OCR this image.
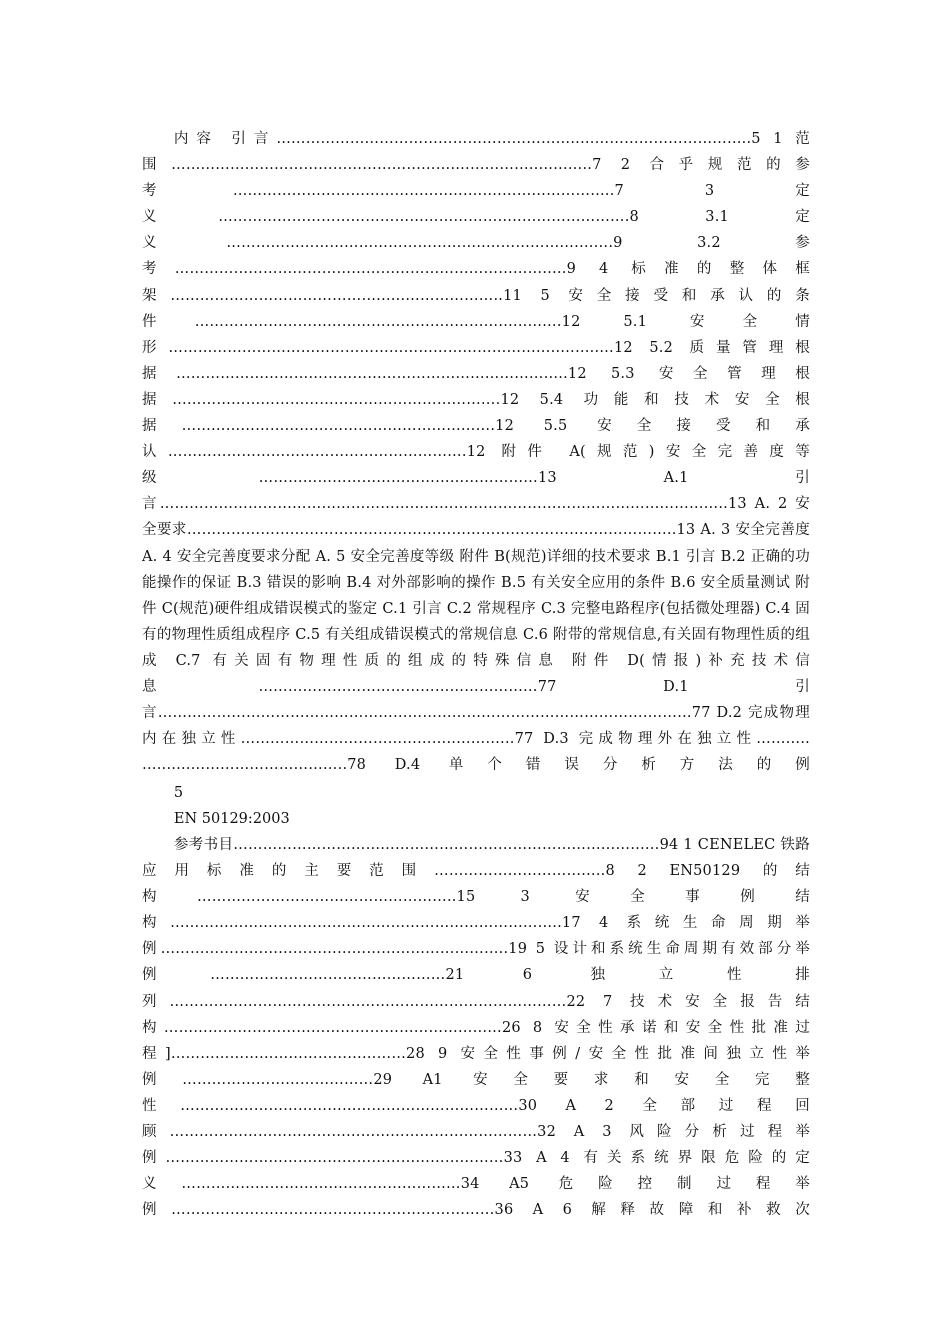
内容 引言……………………………………………………..……………………………..5 1 范围………………………………………………….………………..……..7 2 合乎规范的参考…………………………………..…….…….…………………..7 3 定义……………………………………………………..………………….8 3.1 定义……………………………………………..……………….…….9 3.2 参考……………………………………………………………………..9 4 标准的整体框架…………………………………….…..………………..11 5 安全接受和承认的条件……………………………………………..……….…..…….12 5.1 安全情形……………………………………………………………………..……..…12 5.2 质量管理根据……………………………………………………………………..12 5.3 安全管理根据………………………………………………………….12 5.4 功能和技术安全根据……………………………………………………….12 5.5 安全接受和承认…………………………………………………….12 附件 A(规范)安全完善度等级…………………………………………………13 A.1 引言……………………………………………………………………………………………………..13 A. 2 安全要求…………………………………………………………………………..…………..13 A. 3 安全完善度 A. 4 安全完善度要求分配 A. 5 安全完善度等级 附件 B(规范)详细的技术要求 B.1 引言 B.2 正确的功能操作的保证 B.3 错误的影响 B.4 对外部影响的操作 B.5 有关安全应用的条件 B.6 安全质量测试 附件 C(规范)硬件组成错误模式的鉴定 C.1 引言 C.2 常规程序 C.3 完整电路程序(包括微处理器) C.4 固有的物理性质组成程序 C.5 有关组成错误模式的常规信息 C.6 附带的常规信息,有关固有物理性质的组成 C.7 有关固有物理性质的组成的特殊信息 附件 D(情报)补充技术信息…………………………………………………77 D.1 引言……………………………………………………………………………………….………77 D.2 完成物理内在独立性……………………………………..…….…..77 D.3 完成物理外在独立性……….. …..…..…………………………..78 D.4 单个错误分析方法的例

5

EN 50129:2003

参考书目……………………………………………………………………………94 1 CENELEC 铁路应用标准的主要范围……………………………..8 2 EN50129 的结构……………………………………………..15 3 安全事例结构……………………………………………………………………..17 4 系统生命周期举例……………………………………………………………..19 5 设计和系统生命周期有效部分举例…………………………………………21 6 独立性排列………………………………………………………………………22 7 技术安全报告结构……………………………………………………………26 8 安全性承诺和安全性批准过程]…………………………………………28 9 安全性事例/安全性批准间独立性举例…………………………………29 A1 安全要求和安全完整性……………………………………………………………30 A 2 全部过程回顾…………………………………………………………………32 A 3 风险分析过程举例……………………………………………………………33 A 4 有关系统界限危险的定义…………………………………………………34 A5 危险控制过程举例…………………………………………………………36 A 6 解释故障和补救次
